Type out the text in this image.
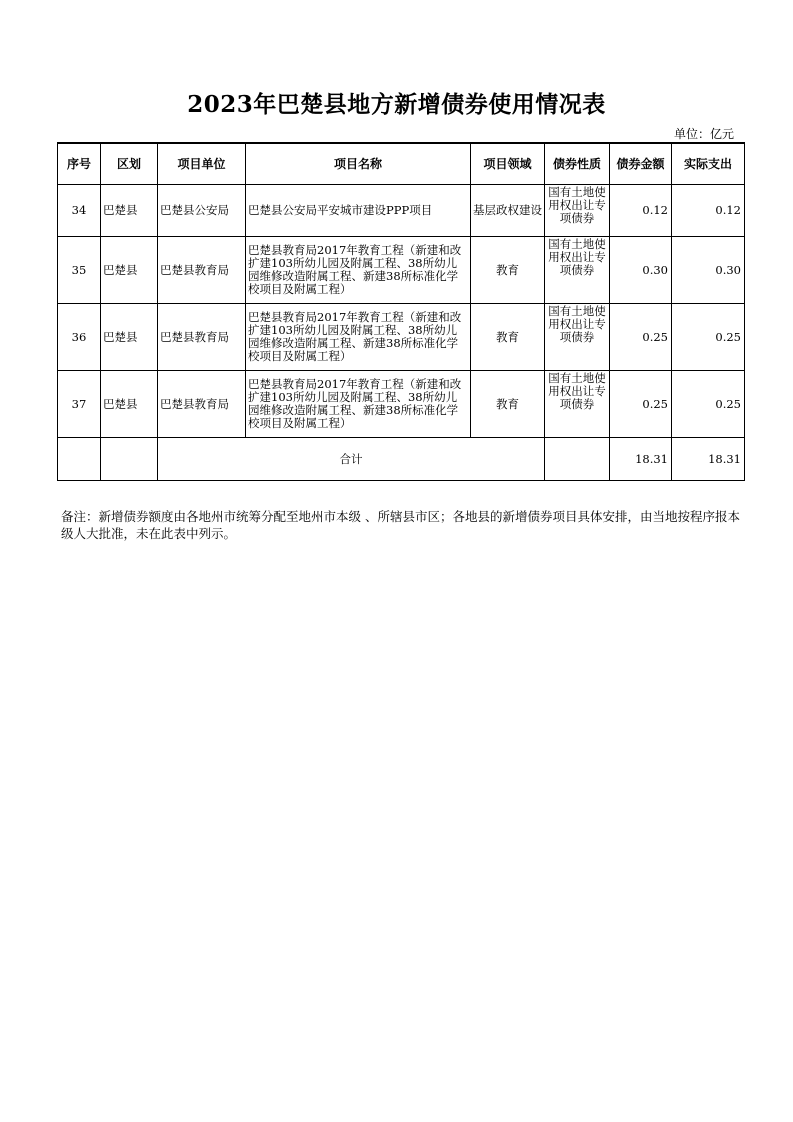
2023年巴楚县地方新增债券使用情况表
单位：亿元
序号	区划	项目单位	项目名称	项目领域	债券性质	债券金额	实际支出
34	巴楚县	巴楚县公安局	巴楚县公安局平安城市建设PPP项目	基层政权建设	国有土地使用权出让专项债券	0.12	0.12
35	巴楚县	巴楚县教育局	巴楚县教育局2017年教育工程（新建和改扩建103所幼儿园及附属工程、38所幼儿园维修改造附属工程、新建38所标准化学校项目及附属工程）	教育	国有土地使用权出让专项债券	0.30	0.30
36	巴楚县	巴楚县教育局	巴楚县教育局2017年教育工程（新建和改扩建103所幼儿园及附属工程、38所幼儿园维修改造附属工程、新建38所标准化学校项目及附属工程）	教育	国有土地使用权出让专项债券	0.25	0.25
37	巴楚县	巴楚县教育局	巴楚县教育局2017年教育工程（新建和改扩建103所幼儿园及附属工程、38所幼儿园维修改造附属工程、新建38所标准化学校项目及附属工程）	教育	国有土地使用权出让专项债券	0.25	0.25
		合计				18.31	18.31
备注：新增债券额度由各地州市统筹分配至地州市本级 、所辖县市区；各地县的新增债券项目具体安排，由当地按程序报本级人大批准，未在此表中列示。
